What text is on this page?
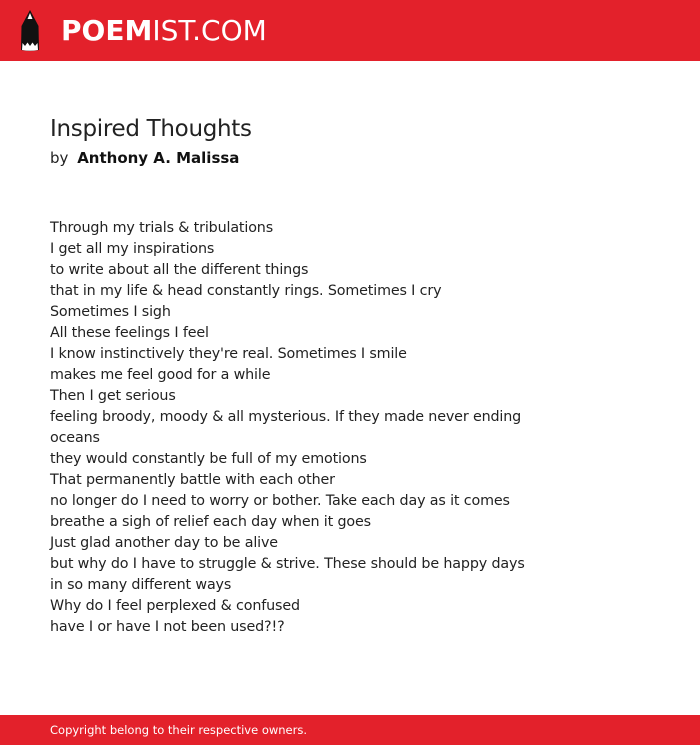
POEMIST.COM
Inspired Thoughts
by Anthony A. Malissa
Through my trials & tribulations
I get all my inspirations
to write about all the different things
that in my life & head constantly rings. Sometimes I cry
Sometimes I sigh
All these feelings I feel
I know instinctively they're real. Sometimes I smile
makes me feel good for a while
Then I get serious
feeling broody, moody & all mysterious. If they made never ending
oceans
they would constantly be full of my emotions
That permanently battle with each other
no longer do I need to worry or bother. Take each day as it comes
breathe a sigh of relief each day when it goes
Just glad another day to be alive
but why do I have to struggle & strive. These should be happy days
in so many different ways
Why do I feel perplexed & confused
have I or have I not been used?!?
Copyright belong to their respective owners.
